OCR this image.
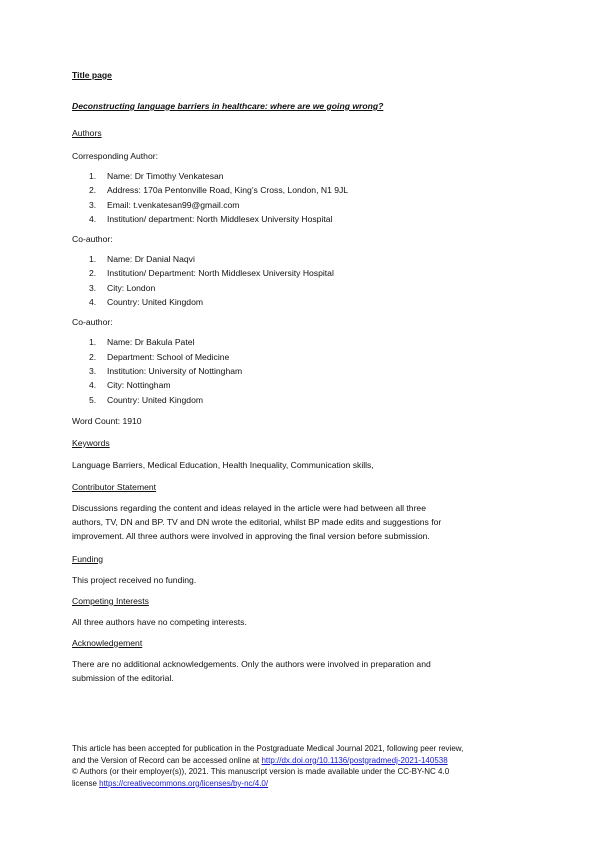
Title page

Deconstructing language barriers in healthcare: where are we going wrong?

Authors

Corresponding Author:

1.	Name: Dr Timothy Venkatesan
2.	Address: 170a Pentonville Road, King’s Cross, London, N1 9JL
3.	Email: t.venkatesan99@gmail.com
4.	Institution/ department: North Middlesex University Hospital

Co-author:

1.	Name: Dr Danial Naqvi
2.	Institution/ Department: North Middlesex University Hospital
3.	City: London
4.	Country: United Kingdom

Co-author:

1.	Name: Dr Bakula Patel
2.	Department: School of Medicine
3.	Institution: University of Nottingham
4.	City: Nottingham
5.	Country: United Kingdom

Word Count: 1910

Keywords

Language Barriers, Medical Education, Health Inequality, Communication skills,

Contributor Statement

Discussions regarding the content and ideas relayed in the article were had between all three

authors, TV, DN and BP. TV and DN wrote the editorial, whilst BP made edits and suggestions for

improvement. All three authors were involved in approving the final version before submission.

Funding

This project received no funding.

Competing Interests

All three authors have no competing interests.

Acknowledgement

There are no additional acknowledgements. Only the authors were involved in preparation and

submission of the editorial.

This article has been accepted for publication in the Postgraduate Medical Journal 2021, following peer review,

and the Version of Record can be accessed online at http://dx.doi.org/10.1136/postgradmedj-2021-140538

© Authors (or their employer(s)), 2021. This manuscript version is made available under the CC-BY-NC 4.0

license https://creativecommons.org/licenses/by-nc/4.0/
